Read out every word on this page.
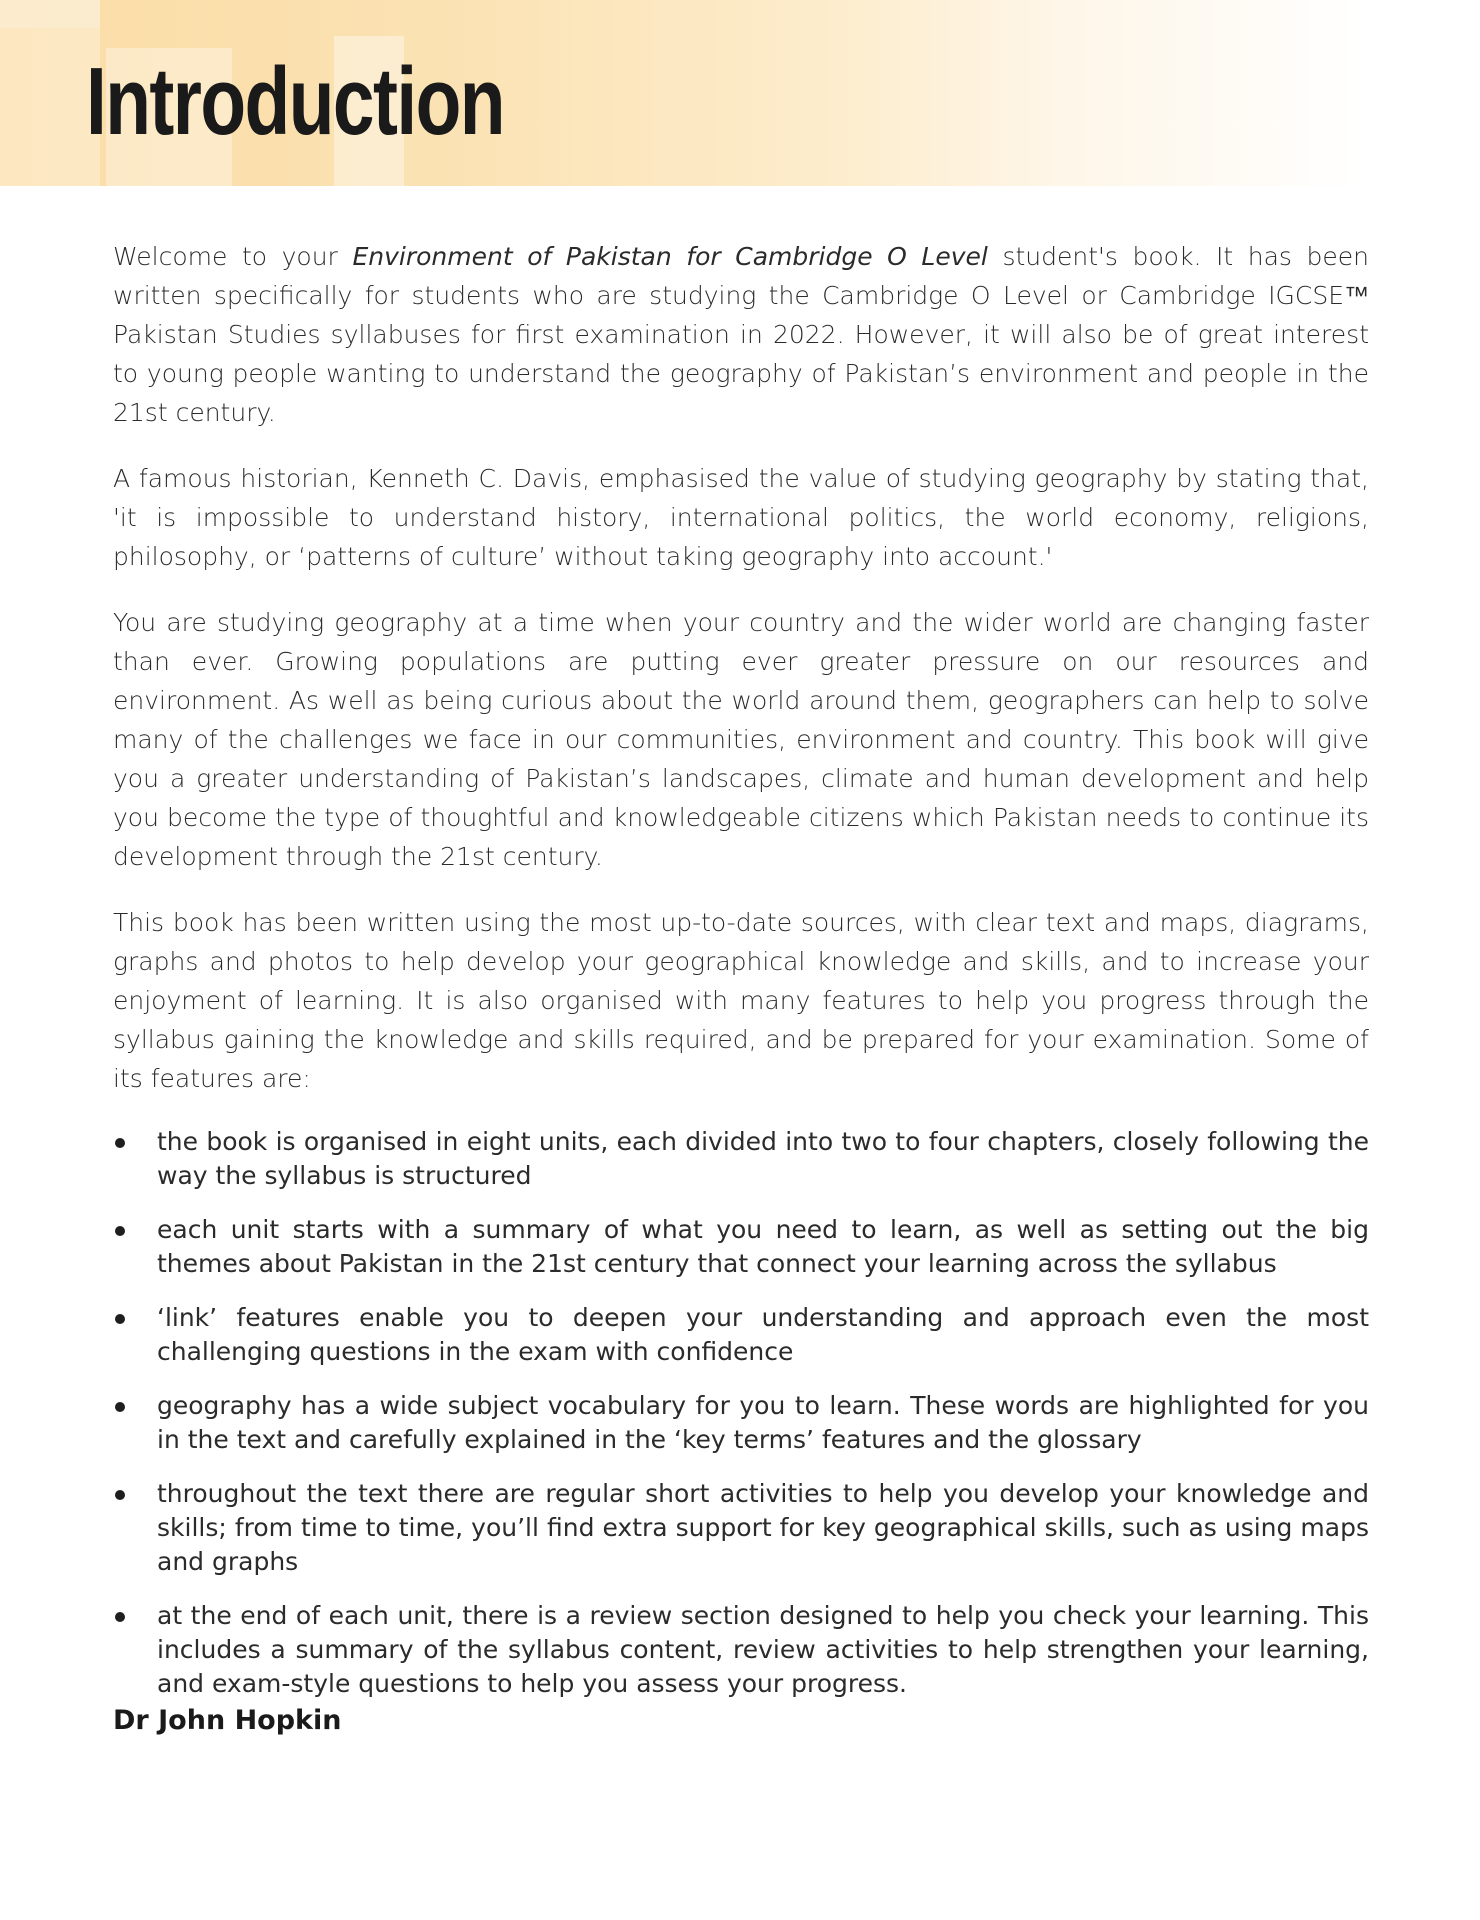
Introduction

Welcome to your Environment of Pakistan for Cambridge O Level student's book. It has been written specifically for students who are studying the Cambridge O Level or Cambridge IGCSE™ Pakistan Studies syllabuses for first examination in 2022. However, it will also be of great interest to young people wanting to understand the geography of Pakistan’s environment and people in the 21st century.

A famous historian, Kenneth C. Davis, emphasised the value of studying geography by stating that, 'it is impossible to understand history, international politics, the world economy, religions, philosophy, or ‘patterns of culture’ without taking geography into account.'

You are studying geography at a time when your country and the wider world are changing faster than ever. Growing populations are putting ever greater pressure on our resources and environment. As well as being curious about the world around them, geographers can help to solve many of the challenges we face in our communities, environment and country. This book will give you a greater understanding of Pakistan’s landscapes, climate and human development and help you become the type of thoughtful and knowledgeable citizens which Pakistan needs to continue its development through the 21st century.

This book has been written using the most up-to-date sources, with clear text and maps, diagrams, graphs and photos to help develop your geographical knowledge and skills, and to increase your enjoyment of learning. It is also organised with many features to help you progress through the syllabus gaining the knowledge and skills required, and be prepared for your examination. Some of its features are:

the book is organised in eight units, each divided into two to four chapters, closely following the way the syllabus is structured
each unit starts with a summary of what you need to learn, as well as setting out the big themes about Pakistan in the 21st century that connect your learning across the syllabus
‘link’ features enable you to deepen your understanding and approach even the most challenging questions in the exam with confidence
geography has a wide subject vocabulary for you to learn. These words are highlighted for you in the text and carefully explained in the ‘key terms’ features and the glossary
throughout the text there are regular short activities to help you develop your knowledge and skills; from time to time, you’ll find extra support for key geographical skills, such as using maps and graphs
at the end of each unit, there is a review section designed to help you check your learning. This includes a summary of the syllabus content, review activities to help strengthen your learning, and exam-style questions to help you assess your progress.

Dr John Hopkin
